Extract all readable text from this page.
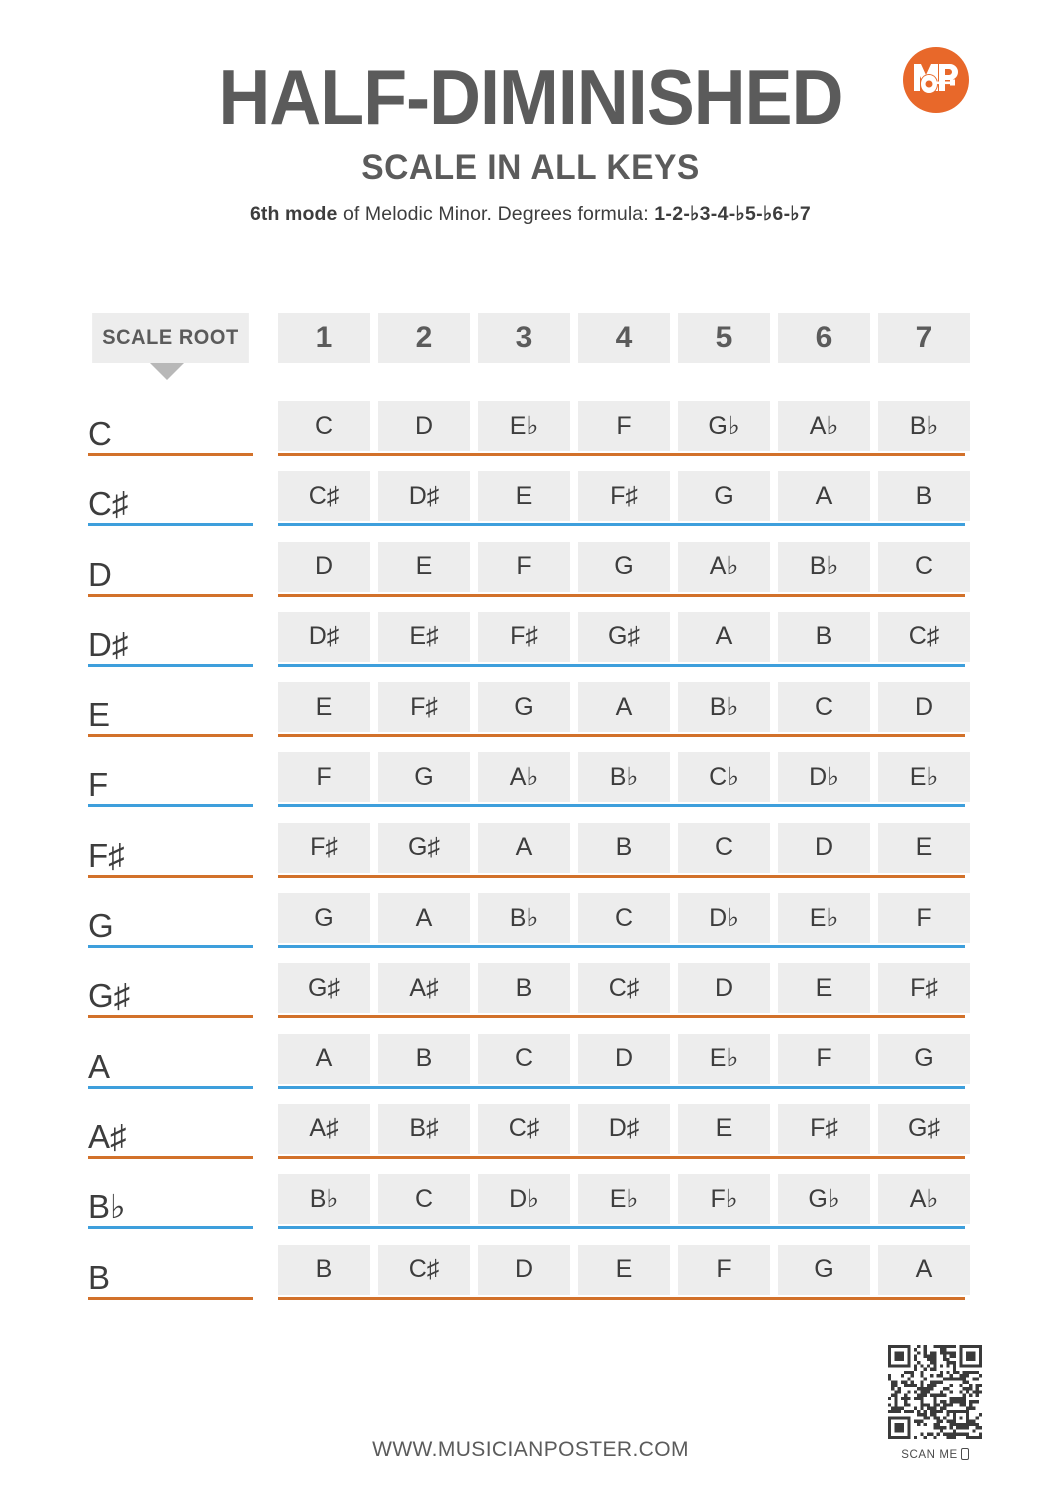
HALF-DIMINISHED
SCALE IN ALL KEYS
6th mode of Melodic Minor. Degrees formula: 1-2-♭3-4-♭5-♭6-♭7
SCALE ROOT	1	2	3	4	5	6	7
C	C	D	E♭	F	G♭	A♭	B♭
C♯	C♯	D♯	E	F♯	G	A	B
D	D	E	F	G	A♭	B♭	C
D♯	D♯	E♯	F♯	G♯	A	B	C♯
E	E	F♯	G	A	B♭	C	D
F	F	G	A♭	B♭	C♭	D♭	E♭
F♯	F♯	G♯	A	B	C	D	E
G	G	A	B♭	C	D♭	E♭	F
G♯	G♯	A♯	B	C♯	D	E	F♯
A	A	B	C	D	E♭	F	G
A♯	A♯	B♯	C♯	D♯	E	F♯	G♯
B♭	B♭	C	D♭	E♭	F♭	G♭	A♭
B	B	C♯	D	E	F	G	A
SCAN ME
WWW.MUSICIANPOSTER.COM
